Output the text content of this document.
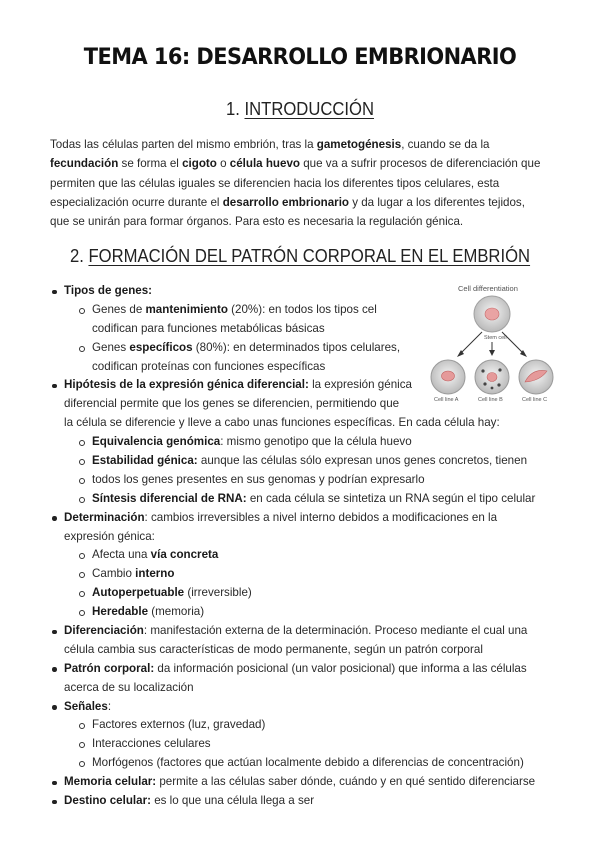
TEMA 16: DESARROLLO EMBRIONARIO
1. INTRODUCCIÓN
Todas las células parten del mismo embrión, tras la gametogénesis, cuando se da la
fecundación se forma el cigoto o célula huevo que va a sufrir procesos de diferenciación que
permiten que las células iguales se diferencien hacia los diferentes tipos celulares, esta
especialización ocurre durante el desarrollo embrionario y da lugar a los diferentes tejidos,
que se unirán para formar órganos. Para esto es necesaria la regulación génica.
2. FORMACIÓN DEL PATRÓN CORPORAL EN EL EMBRIÓN
Cell differentiation
Stem cell
Cell line A	Cell line B	Cell line C
Tipos de genes:
Genes de mantenimiento (20%): en todos los tipos cel
codifican para funciones metabólicas básicas
Genes específicos (80%): en determinados tipos celulares,
codifican proteínas con funciones específicas
Hipótesis de la expresión génica diferencial: la expresión génica
diferencial permite que los genes se diferencien, permitiendo que
la célula se diferencie y lleve a cabo unas funciones específicas. En cada célula hay:
Equivalencia genómica: mismo genotipo que la célula huevo
Estabilidad génica: aunque las células sólo expresan unos genes concretos, tienen
todos los genes presentes en sus genomas y podrían expresarlo
Síntesis diferencial de RNA: en cada célula se sintetiza un RNA según el tipo celular
Determinación: cambios irreversibles a nivel interno debidos a modificaciones en la
expresión génica:
Afecta una vía concreta
Cambio interno
Autoperpetuable (irreversible)
Heredable (memoria)
Diferenciación: manifestación externa de la determinación. Proceso mediante el cual una
célula cambia sus características de modo permanente, según un patrón corporal
Patrón corporal: da información posicional (un valor posicional) que informa a las células
acerca de su localización
Señales:
Factores externos (luz, gravedad)
Interacciones celulares
Morfógenos (factores que actúan localmente debido a diferencias de concentración)
Memoria celular: permite a las células saber dónde, cuándo y en qué sentido diferenciarse
Destino celular: es lo que una célula llega a ser
